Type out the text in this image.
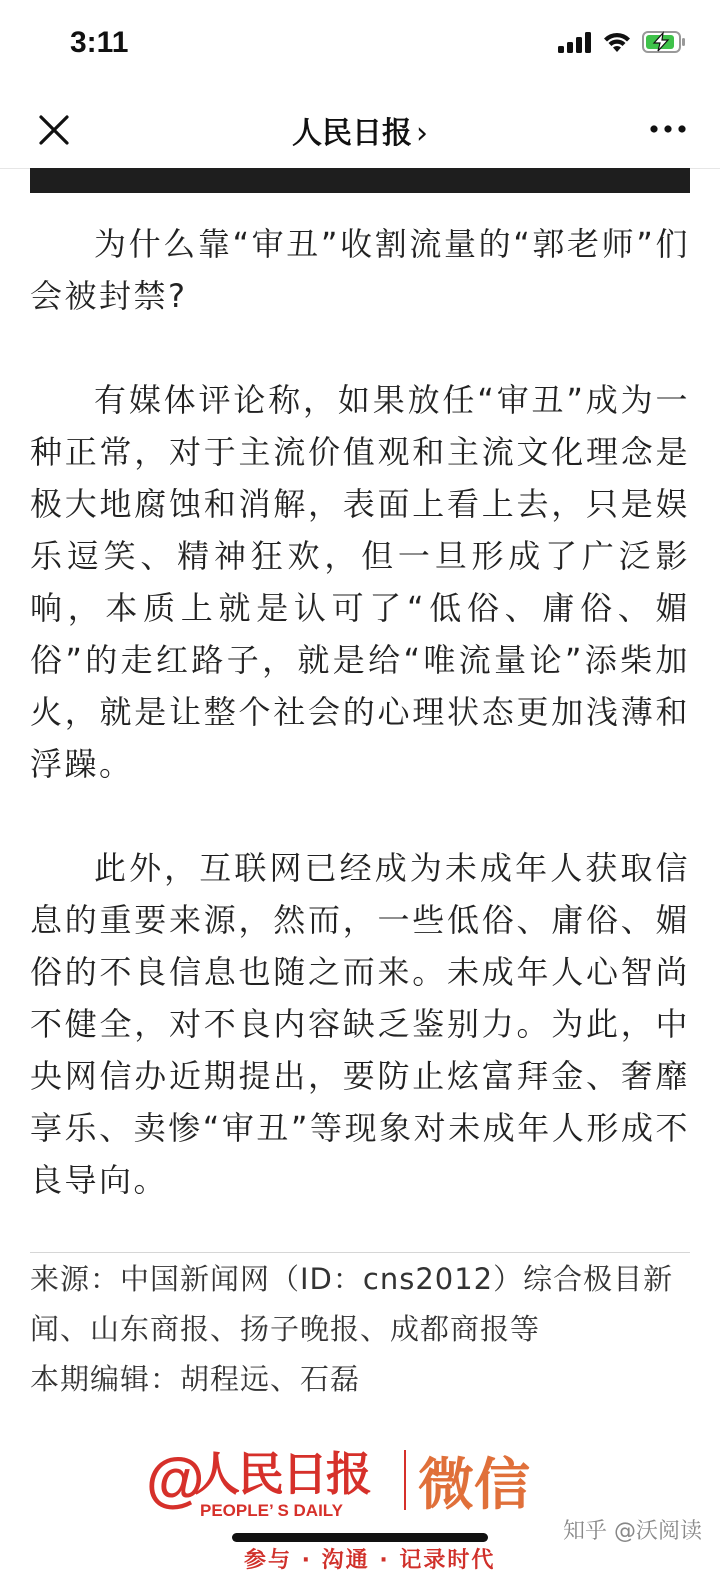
3:11
人民日报 ›

为什么靠“审丑”收割流量的“郭老师”们会被封禁?

有媒体评论称，如果放任“审丑”成为一种正常，对于主流价值观和主流文化理念是极大地腐蚀和消解，表面上看上去，只是娱乐逗笑、精神狂欢，但一旦形成了广泛影响，本质上就是认可了“低俗、庸俗、媚俗”的走红路子，就是给“唯流量论”添柴加火，就是让整个社会的心理状态更加浅薄和浮躁。

此外，互联网已经成为未成年人获取信息的重要来源，然而，一些低俗、庸俗、媚俗的不良信息也随之而来。未成年人心智尚不健全，对不良内容缺乏鉴别力。为此，中央网信办近期提出，要防止炫富拜金、奢靡享乐、卖惨“审丑”等现象对未成年人形成不良导向。

来源：中国新闻网（ID：cns2012）综合极目新闻、山东商报、扬子晚报、成都商报等

本期编辑：胡程远、石磊

@
人民日报
PEOPLE’ S DAILY 微信
知乎 @沃阅读
参与 · 沟通 · 记录时代
